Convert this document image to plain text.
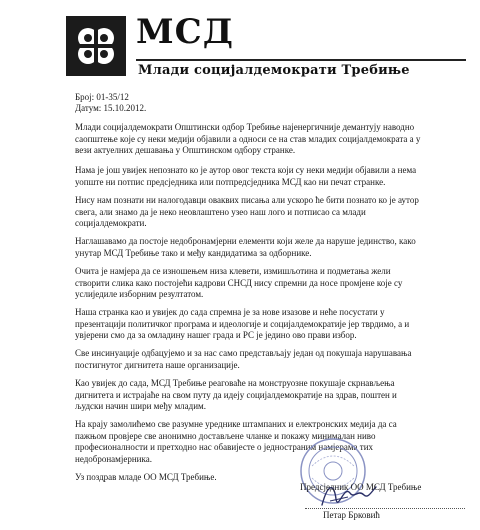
МСД
Млади социјалдемократи Требиње
Број: 01-35/12
Датум: 15.10.2012.
Млади социјалдемократи Општински одбор Требиње најенергичније демантују наводно
саопштење које су неки медији објавили а односи се на став младих социјалдемократа а у
вези актуелних дешавања у Општинском одбору странке.
Нама је још увијек непознато ко је аутор овог текста који су неки медији објавили а нема
уопште ни потпис предсједника или потпредсједника МСД као ни печат странке.
Нису нам познати ни налогодавци оваквих писања али ускоро ће бити познато ко је аутор
свега, али знамо да је неко неовлаштено узео наш лого и потписао са млади
социјалдемократи.
Наглашавамо да постоје недобронамјерни елементи који желе да наруше јединство, како
унутар МСД Требиње тако и међу кандидатима за одборнике.
Очита је намјера да се изношењем низа клевети, измишљотина и подметања жели
створити слика како постојећи кадрови СНСД нису спремни да носе промјене које су
услиједиле изборним резултатом.
Наша странка као и увијек до сада спремна је за нове изазове и неће посустати у
презентацији политичког програма и идеологије и социјалдемократије јер тврдимо, а и
увјерени смо да за омладину нашег града и РС је једино ово прави избор.
Све инсинуације одбацујемо и за нас само представљају један од покушаја нарушавања
постигнутог дигнитета наше организације.
Као увијек до сада, МСД Требиње реаговаће на монструозне покушаје скрнављења
дигнитета и истрајаће на свом путу да идеју социјалдемократије на здрав, поштен и
људски начин шири међу младим.
На крају замолићемо све разумне уреднике штампаних и електронских медија да са
пажњом провјере све анонимно достављене чланке и покажу минималан ниво
професионалности и претходно нас обавијесте о једностраним намјерама тих
недобронамјерника.
Уз поздрав младе ОО МСД Требиње.
Предсједник ОО МСД Требиње
Петар Брковић
